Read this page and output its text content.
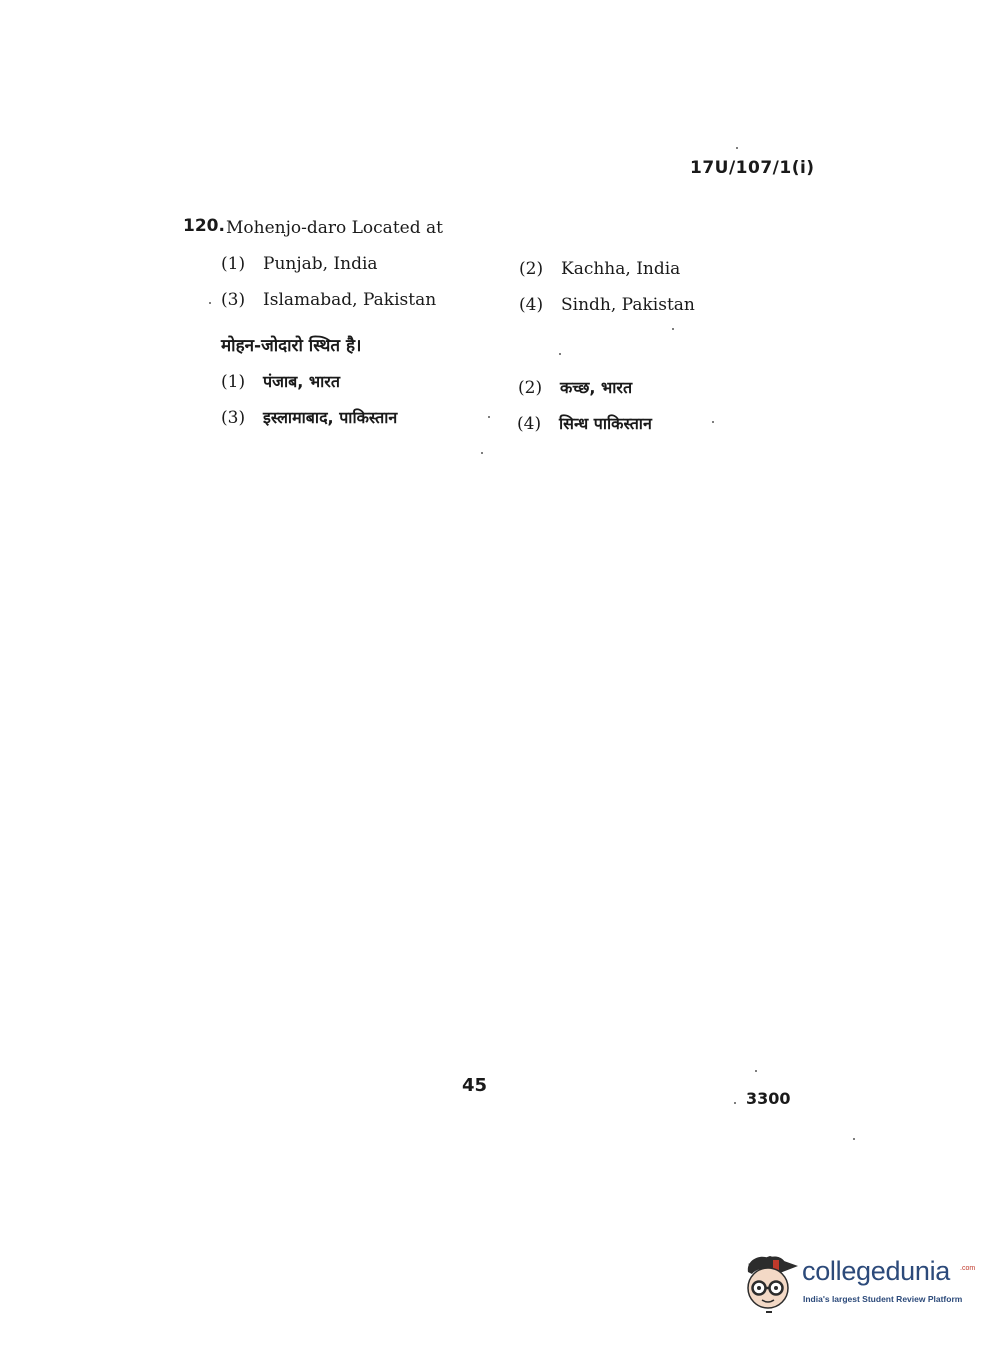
17U/107/1(i)
120. Mohenjo-daro Located at
(1) Punjab, India	(2) Kachha, India
(3) Islamabad, Pakistan	(4) Sindh, Pakistan
मोहन-जोदारो स्थित है।
(1) पंजाब, भारत	(2) कच्छ, भारत
(3) इस्लामाबाद, पाकिस्तान	(4) सिन्ध पाकिस्तान
45
3300
collegedunia .com
India's largest Student Review Platform
